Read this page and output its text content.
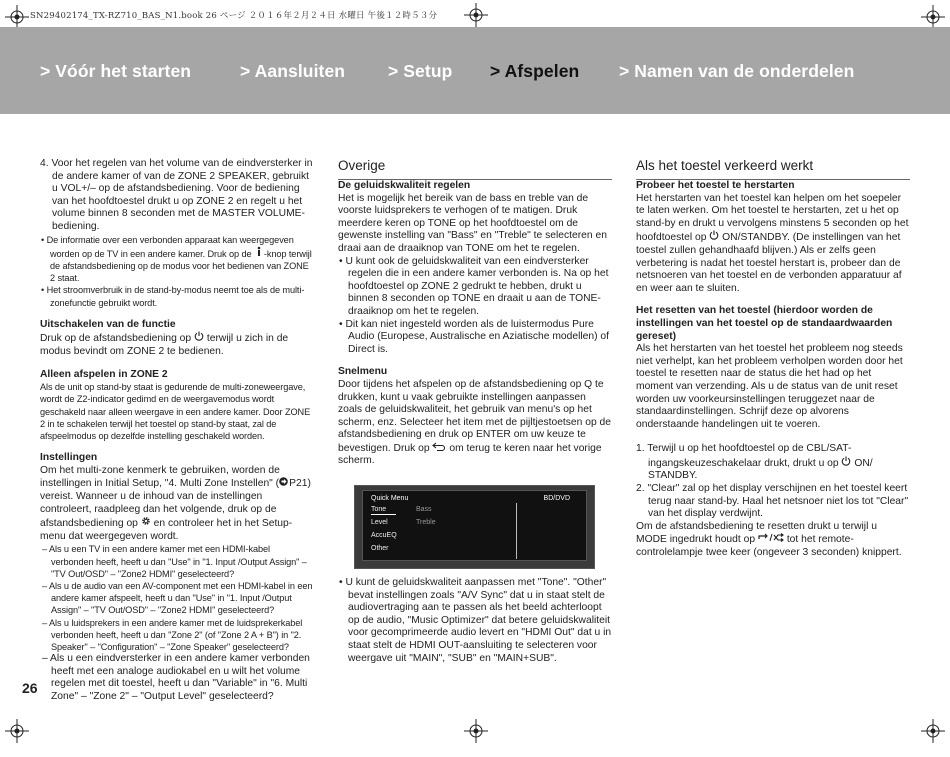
SN29402174_TX-RZ710_BAS_N1.book 26 ページ ２０１６年２月２４日 水曜日 午後１２時５３分
> Vóór het starten	> Aansluiten > Setup > Afspelen > Namen van de onderdelen

4. Voor het regelen van het volume van de eindversterker in de andere kamer of van de ZONE 2 SPEAKER, gebruikt u VOL+/– op de afstandsbediening. Voor de bediening van het hoofdtoestel drukt u op ZONE 2 en regelt u het volume binnen 8 seconden met de MASTER VOLUME-bediening.

• De informatie over een verbonden apparaat kan weergegeven worden op de TV in een andere kamer. Druk op de -knop terwijl de afstandsbediening op de modus voor het bedienen van ZONE 2 staat.

• Het stroomverbruik in de stand-by-modus neemt toe als de multi-zonefunctie gebruikt wordt.

Uitschakelen van de functie

Druk op de afstandsbediening op terwijl u zich in de modus bevindt om ZONE 2 te bedienen.

Alleen afspelen in ZONE 2

Als de unit op stand-by staat is gedurende de multi-zoneweergave, wordt de Z2-indicator gedimd en de weergavemodus wordt geschakeld naar alleen weergave in een andere kamer. Door ZONE 2 in te schakelen terwijl het toestel op stand-by staat, zal de afspeelmodus op dezelfde instelling geschakeld worden.

Instellingen

Om het multi-zone kenmerk te gebruiken, worden de instellingen in Initial Setup, "4. Multi Zone Instellen" ( P21) vereist. Wanneer u de inhoud van de instellingen controleert, raadpleeg dan het volgende, druk op de afstandsbediening op en controleer het in het Setup-menu dat weergegeven wordt.

– Als u een TV in een andere kamer met een HDMI-kabel verbonden heeft, heeft u dan "Use" in "1. Input /Output Assign" – "TV Out/OSD" – "Zone2 HDMI" geselecteerd?

– Als u de audio van een AV-component met een HDMI-kabel in een andere kamer afspeelt, heeft u dan "Use" in "1. Input /Output Assign" – "TV Out/OSD" – "Zone2 HDMI" geselecteerd?

– Als u luidsprekers in een andere kamer met de luidsprekerkabel verbonden heeft, heeft u dan "Zone 2" (of "Zone 2 A + B") in "2. Speaker" – "Configuration" – "Zone Speaker" geselecteerd?

– Als u een eindversterker in een andere kamer verbonden heeft met een analoge audiokabel en u wilt het volume regelen met dit toestel, heeft u dan "Variable" in "6. Multi Zone" – "Zone 2" – "Output Level" geselecteerd?

Overige

De geluidskwaliteit regelen

Het is mogelijk het bereik van de bass en treble van de voorste luidsprekers te verhogen of te matigen. Druk meerdere keren op TONE op het hoofdtoestel om de gewenste instelling van "Bass" en "Treble" te selecteren en draai aan de draaiknop van TONE om het te regelen.

• U kunt ook de geluidskwaliteit van een eindversterker regelen die in een andere kamer verbonden is. Na op het hoofdtoestel op ZONE 2 gedrukt te hebben, drukt u binnen 8 seconden op TONE en draait u aan de TONE-draaiknop om het te regelen.

• Dit kan niet ingesteld worden als de luistermodus Pure Audio (Europese, Australische en Aziatische modellen) of Direct is.

Snelmenu

Door tijdens het afspelen op de afstandsbediening op Q te drukken, kunt u vaak gebruikte instellingen aanpassen zoals de geluidskwaliteit, het gebruik van menu's op het scherm, enz. Selecteer het item met de pijltjestoetsen op de afstandsbediening en druk op ENTER om uw keuze te bevestigen. Druk op om terug te keren naar het vorige scherm.

Quick Menu	BD/DVD
Tone
Level
AccuEQ
Other
Bass
Treble

• U kunt de geluidskwaliteit aanpassen met "Tone". "Other" bevat instellingen zoals "A/V Sync" dat u in staat stelt de audiovertraging aan te passen als het beeld achterloopt op de audio, "Music Optimizer" dat betere geluidskwaliteit voor gecomprimeerde audio levert en "HDMI Out" dat u in staat stelt de HDMI OUT-aansluiting te selecteren voor weergave uit "MAIN", "SUB" en "MAIN+SUB".

Als het toestel verkeerd werkt

Probeer het toestel te herstarten

Het herstarten van het toestel kan helpen om het soepeler te laten werken. Om het toestel te herstarten, zet u het op stand-by en drukt u vervolgens minstens 5 seconden op het hoofdtoestel op ON/STANDBY. (De instellingen van het toestel zullen gehandhaafd blijven.) Als er zelfs geen verbetering is nadat het toestel herstart is, probeer dan de netsnoeren van het toestel en de verbonden apparatuur af en weer aan te sluiten.

Het resetten van het toestel (hierdoor worden de instellingen van het toestel op de standaardwaarden gereset)

Als het herstarten van het toestel het probleem nog steeds niet verhelpt, kan het probleem verholpen worden door het toestel te resetten naar de status die het had op het moment van verzending. Als u de status van de unit reset worden uw voorkeursinstellingen teruggezet naar de standaardinstellingen. Schrijf deze op alvorens onderstaande handelingen uit te voeren.

1. Terwijl u op het hoofdtoestel op de CBL/SAT-ingangskeuzeschakelaar drukt, drukt u op ON/ STANDBY.

2. "Clear" zal op het display verschijnen en het toestel keert terug naar stand-by. Haal het netsnoer niet los tot "Clear" van het display verdwijnt.

Om de afstandsbediening te resetten drukt u terwijl u MODE ingedrukt houdt op	tot het remote-controlelampje twee keer (ongeveer 3 seconden) knippert.

26
